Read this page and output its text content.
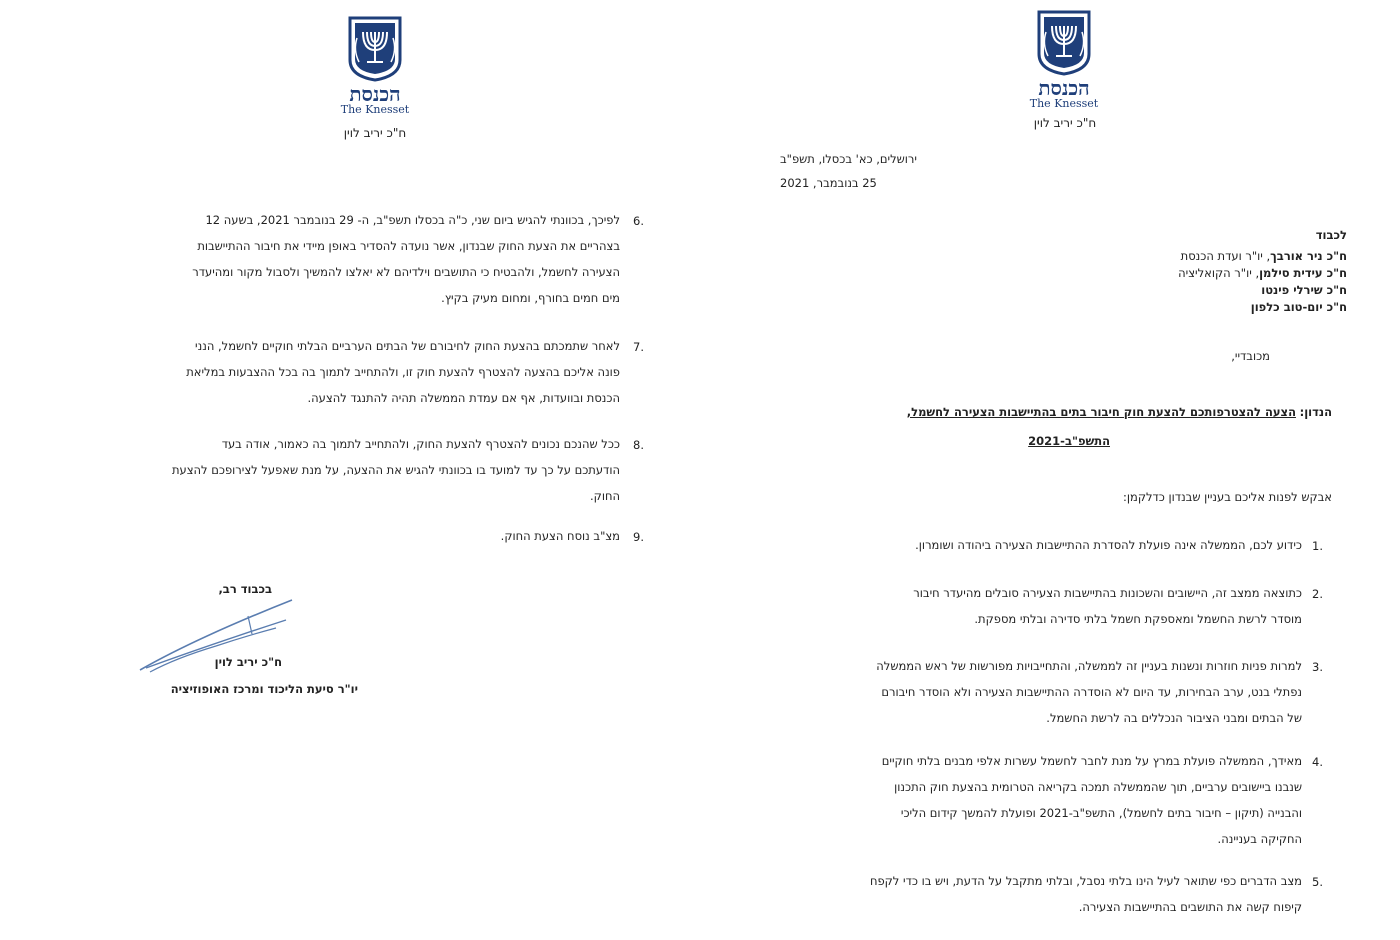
הכנסת
The Knesset
ח"כ יריב לוין
6.
לפיכך, בכוונתי להגיש ביום שני, כ"ה בכסלו תשפ"ב, ה- 29 בנובמבר 2021, בשעה 12
בצהריים את הצעת החוק שבנדון, אשר נועדה להסדיר באופן מיידי את חיבור ההתיישבות
הצעירה לחשמל, ולהבטיח כי התושבים וילדיהם לא יאלצו להמשיך ולסבול מקור ומהיעדר
מים חמים בחורף, ומחום מעיק בקיץ.
7.
לאחר שתמכתם בהצעת החוק לחיבורם של הבתים הערביים הבלתי חוקיים לחשמל, הנני
פונה אליכם בהצעה להצטרף להצעת חוק זו, ולהתחייב לתמוך בה בכל ההצבעות במליאת
הכנסת ובוועדות, אף אם עמדת הממשלה תהיה להתנגד להצעה.
8.
ככל שהנכם נכונים להצטרף להצעת החוק, ולהתחייב לתמוך בה כאמור, אודה בעד
הודעתכם על כך עד למועד בו בכוונתי להגיש את ההצעה, על מנת שאפעל לצירופכם להצעת
החוק.
9.
מצ"ב נוסח הצעת החוק.
בכבוד רב,
ח"כ יריב לוין
יו"ר סיעת הליכוד ומרכז האופוזיציה
הכנסת
The Knesset
ח"כ יריב לוין
ירושלים, כא' בכסלו, תשפ"ב
25 בנובמבר, 2021
לכבוד
ח"כ ניר אורבך, יו"ר ועדת הכנסת
ח"כ עידית סילמן, יו"ר הקואליציה
ח"כ שירלי פינטו
ח"כ יום-טוב כלפון
מכובדיי,
הנדון: הצעה להצטרפותכם להצעת חוק חיבור בתים בהתיישבות הצעירה לחשמל,
התשפ"ב-2021
אבקש לפנות אליכם בעניין שבנדון כדלקמן:
1.
כידוע לכם, הממשלה אינה פועלת להסדרת ההתיישבות הצעירה ביהודה ושומרון.
2.
כתוצאה ממצב זה, היישובים והשכונות בהתיישבות הצעירה סובלים מהיעדר חיבור
מוסדר לרשת החשמל ומאספקת חשמל בלתי סדירה ובלתי מספקת.
3.
למרות פניות חוזרות ונשנות בעניין זה לממשלה, והתחייבויות מפורשות של ראש הממשלה
נפתלי בנט, ערב הבחירות, עד היום לא הוסדרה ההתיישבות הצעירה ולא הוסדר חיבורם
של הבתים ומבני הציבור הנכללים בה לרשת החשמל.
4.
מאידך, הממשלה פועלת במרץ על מנת לחבר לחשמל עשרות אלפי מבנים בלתי חוקיים
שנבנו ביישובים ערביים, תוך שהממשלה תמכה בקריאה הטרומית בהצעת חוק התכנון
והבנייה (תיקון – חיבור בתים לחשמל), התשפ"ב-2021 ופועלת להמשך קידום הליכי
החקיקה בעניינה.
5.
מצב הדברים כפי שתואר לעיל הינו בלתי נסבל, ובלתי מתקבל על הדעת, ויש בו כדי לקפח
קיפוח קשה את התושבים בהתיישבות הצעירה.
